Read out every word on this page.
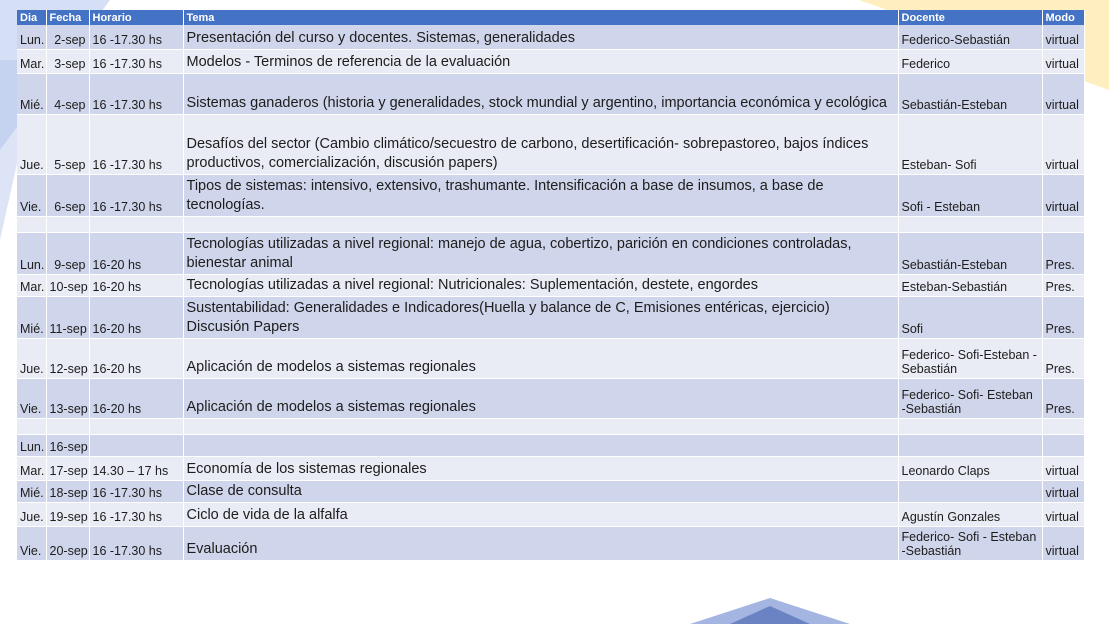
Dia	Fecha	Horario	Tema	Docente	Modo
Lun.	2-sep	16 -17.30 hs	Presentación del curso y docentes. Sistemas, generalidades	Federico-Sebastián	virtual
Mar.	3-sep	16 -17.30 hs	Modelos - Terminos de referencia de la evaluación	Federico	virtual
Mié.	4-sep	16 -17.30 hs	Sistemas ganaderos (historia y generalidades, stock mundial y argentino, importancia económica y ecológica	Sebastián-Esteban	virtual
Jue.	5-sep	16 -17.30 hs	Desafíos del sector (Cambio climático/secuestro de carbono, desertificación- sobrepastoreo, bajos índices productivos, comercialización, discusión papers)	Esteban- Sofi	virtual
Vie.	6-sep	16 -17.30 hs	Tipos de sistemas: intensivo, extensivo, trashumante. Intensificación a base de insumos, a base de tecnologías.	Sofi - Esteban	virtual

Lun.	9-sep	16-20 hs	Tecnologías utilizadas a nivel regional: manejo de agua, cobertizo, parición en condiciones controladas, bienestar animal	Sebastián-Esteban	Pres.
Mar.	10-sep	16-20 hs	Tecnologías utilizadas a nivel regional: Nutricionales: Suplementación, destete, engordes	Esteban-Sebastián	Pres.
Mié.	11-sep	16-20 hs	Sustentabilidad: Generalidades e Indicadores(Huella y balance de C, Emisiones entéricas, ejercicio) Discusión Papers	Sofi	Pres.
Jue.	12-sep	16-20 hs	Aplicación de modelos a sistemas regionales	Federico- Sofi-Esteban - Sebastián	Pres.
Vie.	13-sep	16-20 hs	Aplicación de modelos a sistemas regionales	Federico- Sofi- Esteban -Sebastián	Pres.

Lun.	16-sep				
Mar.	17-sep	14.30 – 17 hs	Economía de los sistemas regionales	Leonardo Claps	virtual
Mié.	18-sep	16 -17.30 hs	Clase de consulta		virtual
Jue.	19-sep	16 -17.30 hs	Ciclo de vida de la alfalfa	Agustín Gonzales	virtual
Vie.	20-sep	16 -17.30 hs	Evaluación	Federico- Sofi - Esteban -Sebastián	virtual
